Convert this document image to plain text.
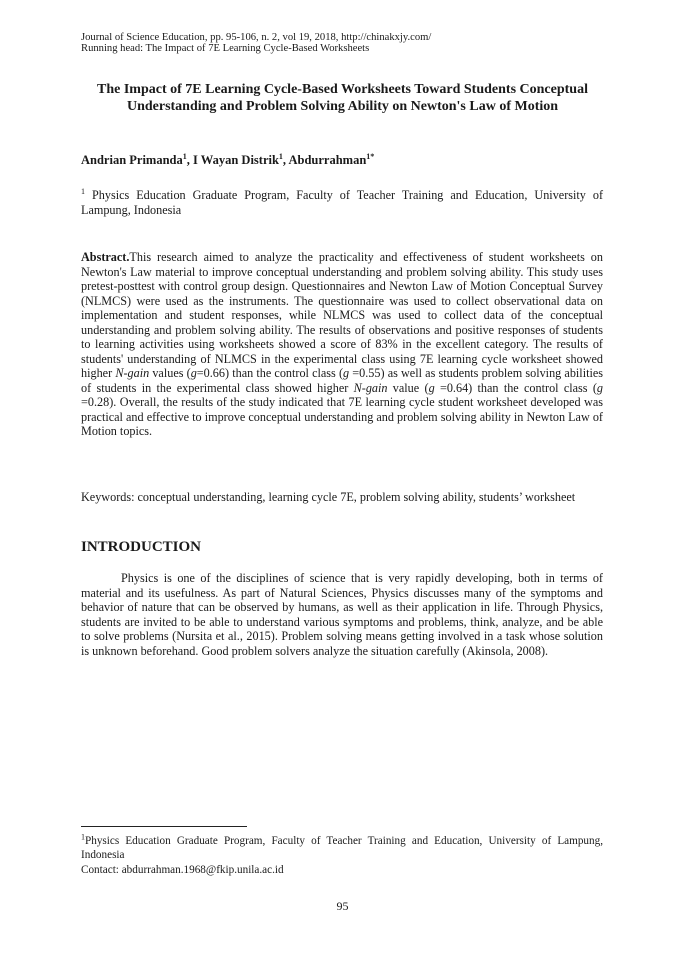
Journal of Science Education, pp. 95-106, n. 2, vol 19, 2018, http://chinakxjy.com/
Running head: The Impact of 7E Learning Cycle-Based Worksheets
The Impact of 7E Learning Cycle-Based Worksheets Toward Students Conceptual Understanding and Problem Solving Ability on Newton's Law of Motion
Andrian Primanda$^1$, I Wayan Distrik$^1$, Abdurrahman$^{1*}$
$^1$ Physics Education Graduate Program, Faculty of Teacher Training and Education, University of Lampung, Indonesia
Abstract.This research aimed to analyze the practicality and effectiveness of student worksheets on Newton's Law material to improve conceptual understanding and problem solving ability. This study uses pretest-posttest with control group design. Questionnaires and Newton Law of Motion Conceptual Survey (NLMCS) were used as the instruments. The questionnaire was used to collect observational data on implementation and student responses, while NLMCS was used to collect data of the conceptual understanding and problem solving ability. The results of observations and positive responses of students to learning activities using worksheets showed a score of 83% in the excellent category. The results of students' understanding of NLMCS in the experimental class using 7E learning cycle worksheet showed higher N-gain values (g=0.66) than the control class (g =0.55) as well as students problem solving abilities of students in the experimental class showed higher N-gain value (g =0.64) than the control class (g =0.28). Overall, the results of the study indicated that 7E learning cycle student worksheet developed was practical and effective to improve conceptual understanding and problem solving ability in Newton Law of Motion topics.
Keywords: conceptual understanding, learning cycle 7E, problem solving ability, students’ worksheet
INTRODUCTION
Physics is one of the disciplines of science that is very rapidly developing, both in terms of material and its usefulness. As part of Natural Sciences, Physics discusses many of the symptoms and behavior of nature that can be observed by humans, as well as their application in life. Through Physics, students are invited to be able to understand various symptoms and problems, think, analyze, and be able to solve problems (Nursita et al., 2015). Problem solving means getting involved in a task whose solution is unknown beforehand. Good problem solvers analyze the situation carefully (Akinsola, 2008).
$^1$Physics Education Graduate Program, Faculty of Teacher Training and Education, University of Lampung, Indonesia
Contact: abdurrahman.1968@fkip.unila.ac.id
95
